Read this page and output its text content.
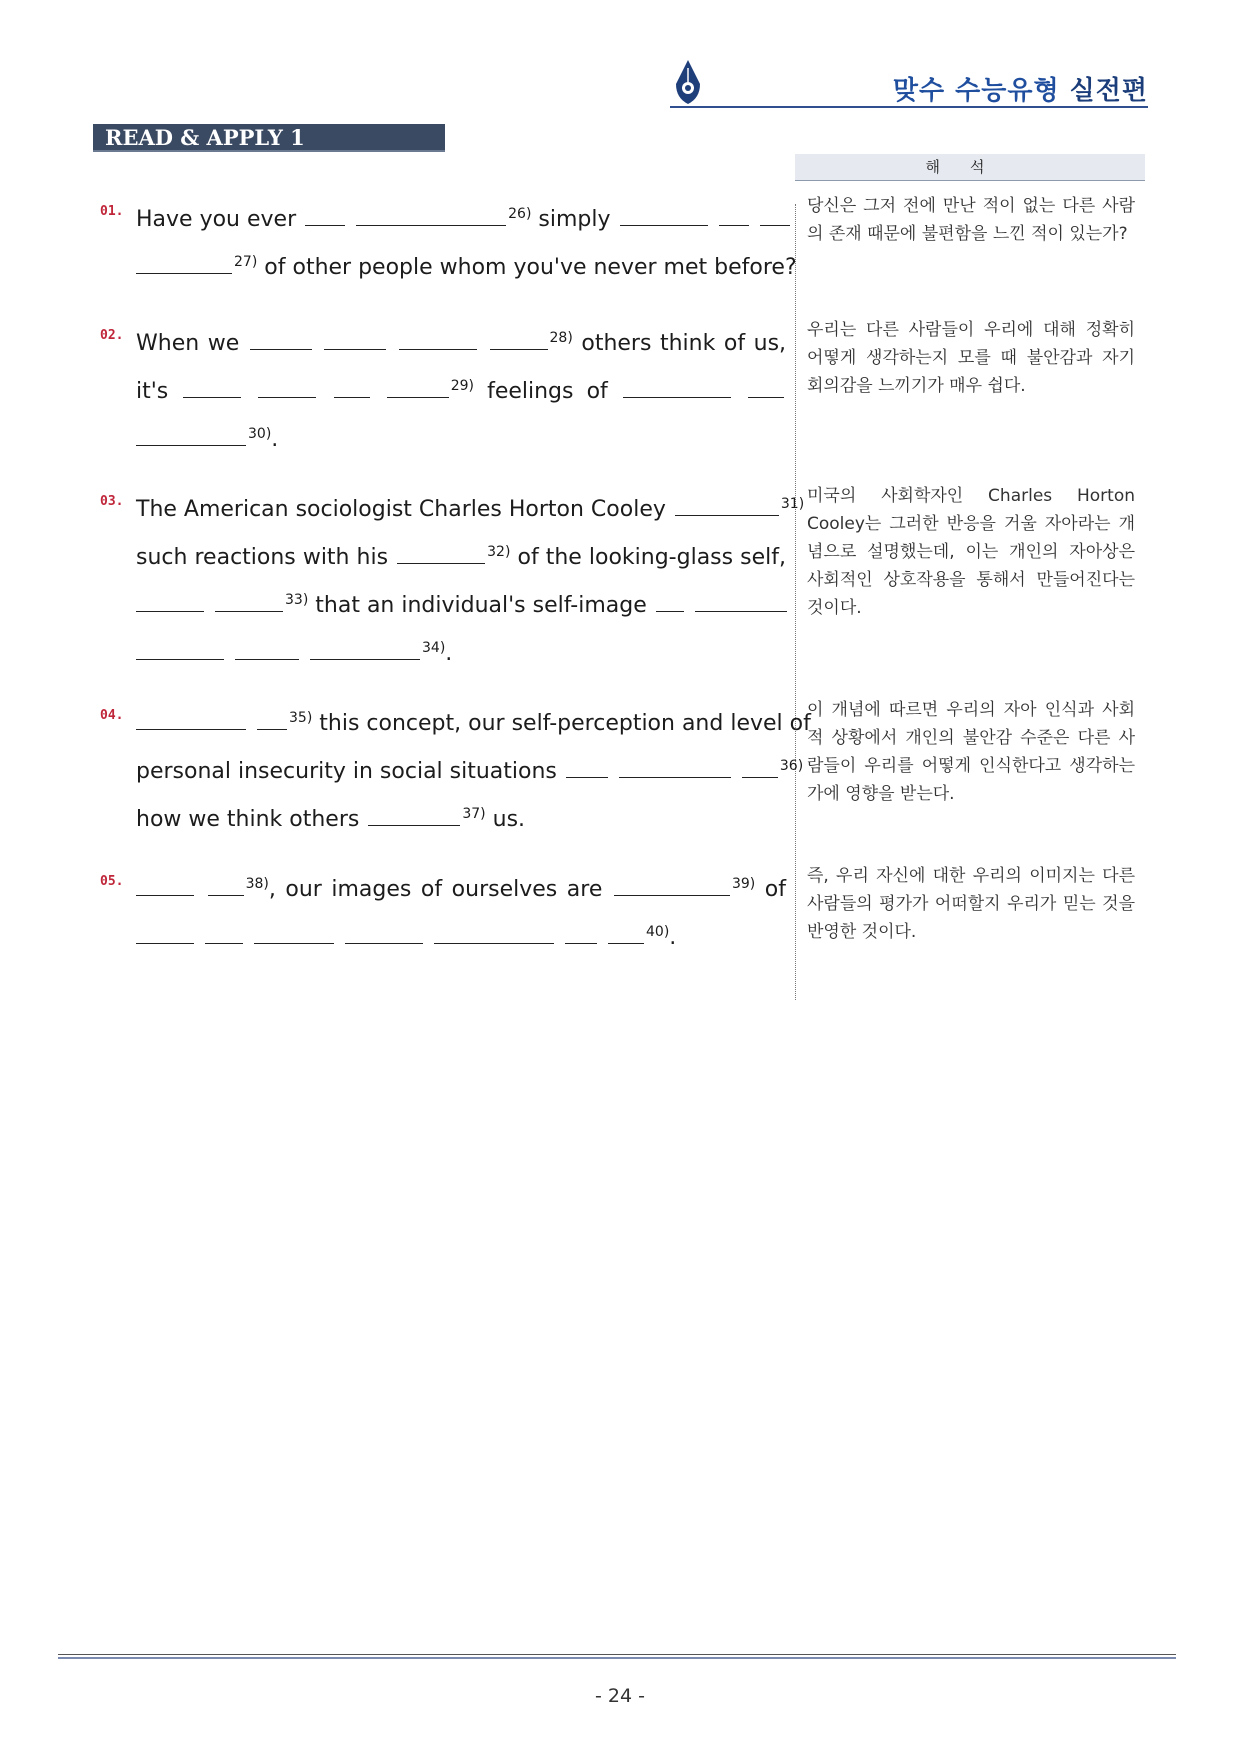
맞수 수능유형 실전편
READ & APPLY 1
해석
01. Have you ever	$^{26)}$ simply
$^{27)}$ of other people whom you've never met before?
당신은 그저 전에 만난 적이 없는 다른 사람의 존재 때문에 불편함을 느낀 적이 있는가?
02. When we	$^{28)}$ others think of us,
it's	$^{29)}$ feelings of
$^{30)}$.
우리는 다른 사람들이 우리에 대해 정확히 어떻게 생각하는지 모를 때 불안감과 자기 회의감을 느끼기가 매우 쉽다.
03. The American sociologist Charles Horton Cooley	$^{31)}$
such reactions with his	$^{32)}$ of the looking-glass self,
$^{33)}$ that an individual's self-image
$^{34)}$.
미국의 사회학자인 Charles Horton Cooley는 그러한 반응을 거울 자아라는 개념으로 설명했는데, 이는 개인의 자아상은 사회적인 상호작용을 통해서 만들어진다는 것이다.
04.	$^{35)}$ this concept, our self-perception and level of
personal insecurity in social situations	$^{36)}$
how we think others	$^{37)}$ us.
이 개념에 따르면 우리의 자아 인식과 사회적 상황에서 개인의 불안감 수준은 다른 사람들이 우리를 어떻게 인식한다고 생각하는가에 영향을 받는다.
05.	$^{38)}$, our images of ourselves are	$^{39)}$ of
$^{40)}$.
즉, 우리 자신에 대한 우리의 이미지는 다른 사람들의 평가가 어떠할지 우리가 믿는 것을 반영한 것이다.
- 24 -
